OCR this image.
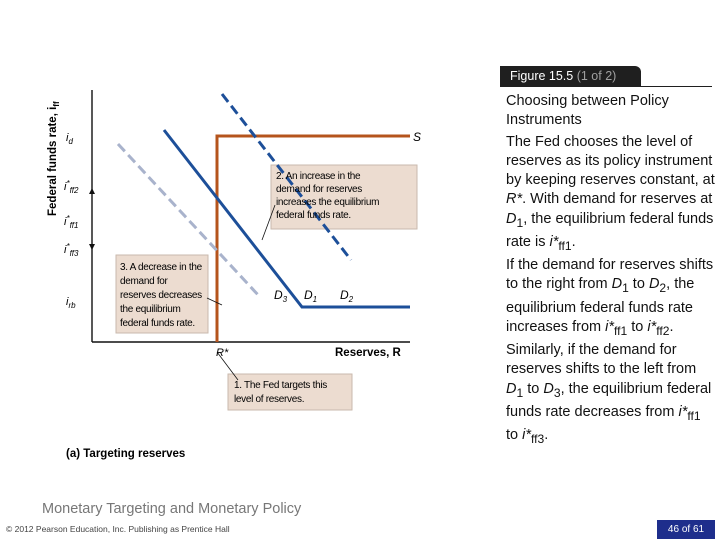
Federal funds rate, $i_{ff}$
$i_d$
$i^*_{ff2}$
$i^*_{ff1}$
$i^*_{ff3}$
$i_{rb}$
S
$D_3$ $D_1$ $D_2$
R*	Reserves, R
2. An increase in the demand for reserves increases the equilibrium federal funds rate.
3. A decrease in the demand for reserves decreases the equilibrium federal funds rate.
1. The Fed targets this level of reserves.
(a) Targeting reserves
Figure 15.5 (1 of 2)

Choosing between Policy Instruments

The Fed chooses the level of reserves as its policy instrument by keeping reserves constant, at R*. With demand for reserves at $D_1$, the equilibrium federal funds rate is $i*_{ff1}$.

If the demand for reserves shifts to the right from $D_1$ to $D_2$, the equilibrium federal funds rate increases from $i*_{ff1}$ to $i*_{ff2}$.

Similarly, if the demand for reserves shifts to the left from $D_1$ to $D_3$, the equilibrium federal funds rate decreases from $i*_{ff1}$ to $i*_{ff3}$.

Monetary Targeting and Monetary Policy
© 2012 Pearson Education, Inc. Publishing as Prentice Hall	46 of 61
